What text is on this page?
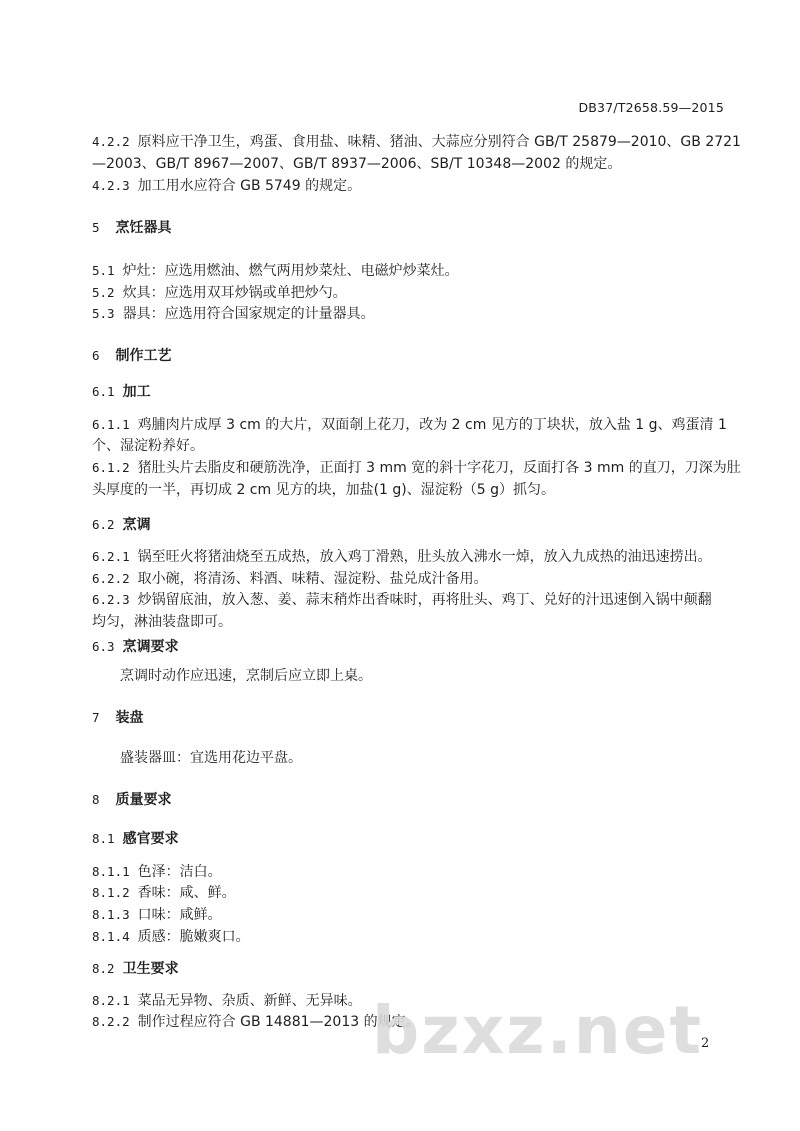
DB37/T2658.59—2015
4.2.2 原料应干净卫生，鸡蛋、食用盐、味精、猪油、大蒜应分别符合 GB/T 25879—2010、GB 2721
—2003、GB/T 8967—2007、GB/T 8937—2006、SB/T 10348—2002 的规定。
4.2.3 加工用水应符合 GB 5749 的规定。
5 烹饪器具
5.1 炉灶：应选用燃油、燃气两用炒菜灶、电磁炉炒菜灶。
5.2 炊具：应选用双耳炒锅或单把炒勺。
5.3 器具：应选用符合国家规定的计量器具。
6 制作工艺
6.1 加工
6.1.1 鸡脯肉片成厚 3 cm 的大片，双面剞上花刀，改为 2 cm 见方的丁块状，放入盐 1 g、鸡蛋清 1
个、湿淀粉养好。
6.1.2 猪肚头片去脂皮和硬筋洗净，正面打 3 mm 宽的斜十字花刀，反面打各 3 mm 的直刀，刀深为肚
头厚度的一半，再切成 2 cm 见方的块，加盐(1 g)、湿淀粉（5 g）抓匀。
6.2 烹调
6.2.1 锅至旺火将猪油烧至五成热，放入鸡丁滑熟，肚头放入沸水一焯，放入九成热的油迅速捞出。
6.2.2 取小碗，将清汤、料酒、味精、湿淀粉、盐兑成汁备用。
6.2.3 炒锅留底油，放入葱、姜、蒜末稍炸出香味时，再将肚头、鸡丁、兑好的汁迅速倒入锅中颠翻
均匀，淋油装盘即可。
6.3 烹调要求
烹调时动作应迅速，烹制后应立即上桌。
7 装盘
盛装器皿：宜选用花边平盘。
8 质量要求
8.1 感官要求
8.1.1 色泽：洁白。
8.1.2 香味：咸、鲜。
8.1.3 口味：咸鲜。
8.1.4 质感：脆嫩爽口。
8.2 卫生要求
8.2.1 菜品无异物、杂质、新鲜、无异味。
8.2.2 制作过程应符合 GB 14881—2013 的规定。
bzxz.net
2
